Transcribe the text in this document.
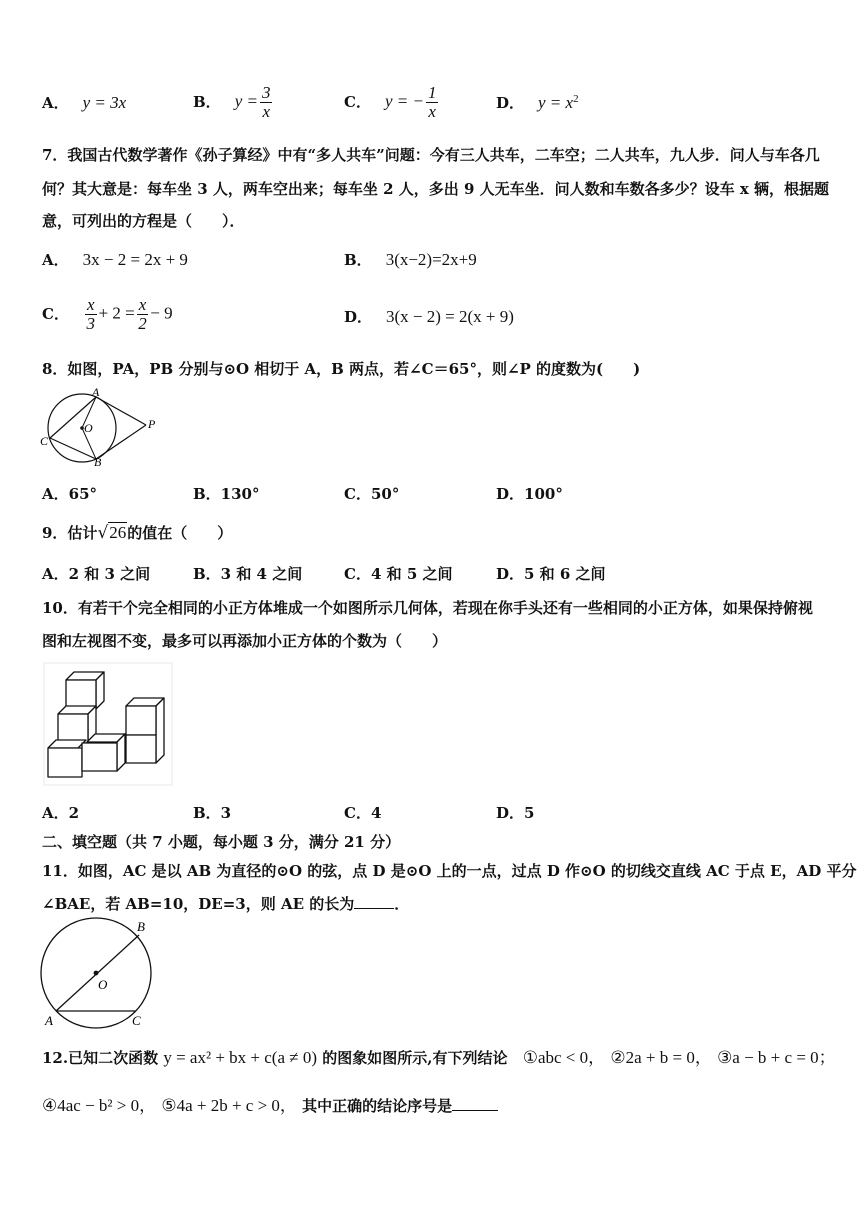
A． y = 3x	B． $y = \frac{3}{x}$	C． y = − $\frac{1}{x}$	D． $y = x^2$
7．我国古代数学著作《孙子算经》中有“多人共车”问题：今有三人共车，二车空；二人共车，九人步．问人与车各几
何？其大意是：每车坐 3 人，两车空出来；每车坐 2 人，多出 9 人无车坐．问人数和车数各多少？设车 x 辆，根据题
意，可列出的方程是（　　）．
A． 3x − 2 = 2x + 9	B． 3(x−2)=2x+9
C． $\frac{x}{3} + 2 = \frac{x}{2} - 9$	D． 3(x − 2) = 2(x + 9)
8．如图，PA，PB 分别与⊙O 相切于 A，B 两点，若∠C＝65°，则∠P 的度数为(　　)
A
B
C
O	P
A．65°	B．130°	C．50°	D．100°
9．估计√26的值在（　　）
A．2 和 3 之间	B．3 和 4 之间	C．4 和 5 之间	D．5 和 6 之间
10．有若干个完全相同的小正方体堆成一个如图所示几何体，若现在你手头还有一些相同的小正方体，如果保持俯视
图和左视图不变，最多可以再添加小正方体的个数为（　　）
A．2	B．3	C．4	D．5
二、填空题（共 7 小题，每小题 3 分，满分 21 分）
11．如图，AC 是以 AB 为直径的⊙O 的弦，点 D 是⊙O 上的一点，过点 D 作⊙O 的切线交直线 AC 于点 E，AD 平分
∠BAE，若 AB=10，DE=3，则 AE 的长为	．
B
O
A	C
12.已知二次函数 y = ax² + bx + c(a ≠ 0) 的图象如图所示,有下列结论 ①abc < 0， ②2a + b = 0， ③a − b + c = 0；
④4ac − b² > 0， ⑤4a + 2b + c > 0， 其中正确的结论序号是
